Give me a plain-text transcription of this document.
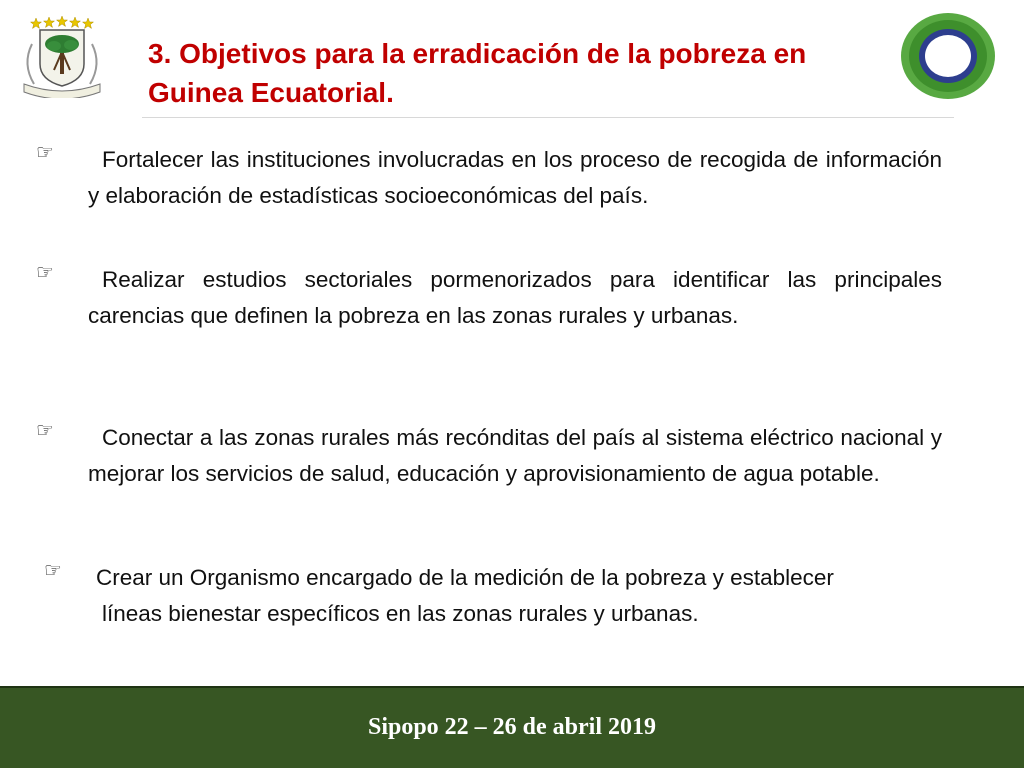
3. Objetivos para la erradicación de la pobreza en Guinea Ecuatorial.
☞	Fortalecer las instituciones involucradas en los proceso de recogida de información y elaboración de estadísticas socioeconómicas del país.

☞	Realizar estudios sectoriales pormenorizados para identificar las principales carencias que definen la pobreza en las zonas rurales y urbanas.

☞	Conectar a las zonas rurales más recónditas del país al sistema eléctrico nacional y mejorar los servicios de salud, educación y aprovisionamiento de agua potable.

☞	Crear un Organismo encargado de la medición de la pobreza y establecer
líneas bienestar específicos en las zonas rurales y urbanas.

Sipopo 22 – 26 de abril 2019
